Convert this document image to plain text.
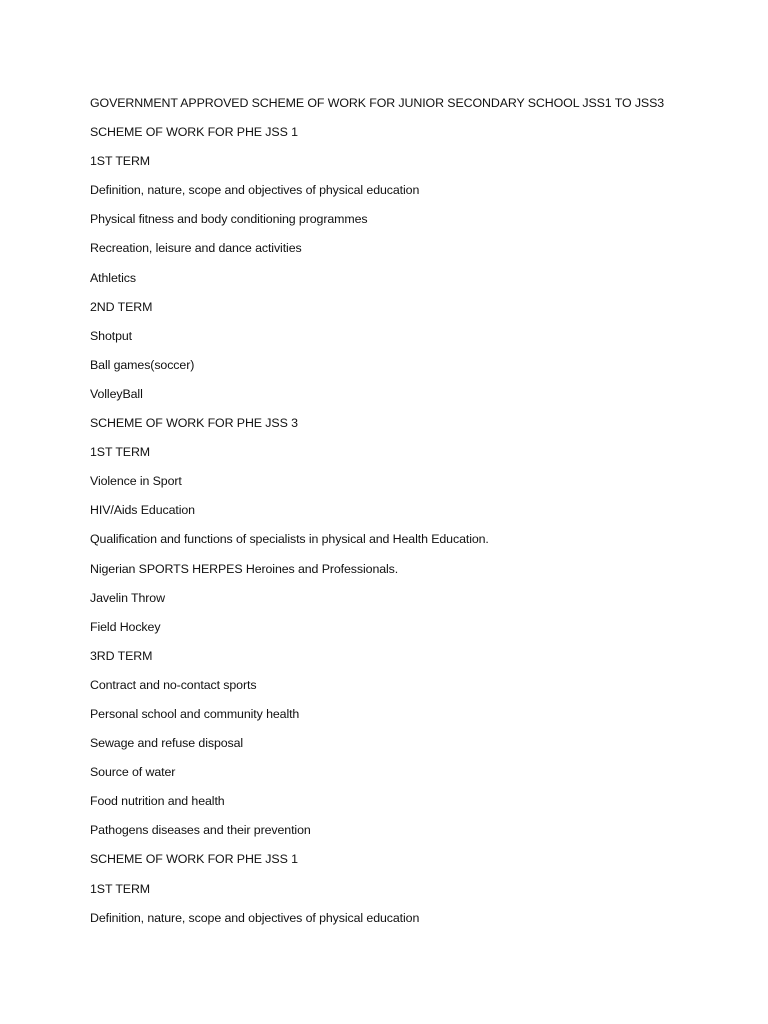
GOVERNMENT APPROVED SCHEME OF WORK FOR JUNIOR SECONDARY SCHOOL JSS1 TO JSS3
SCHEME OF WORK FOR PHE JSS 1
1ST TERM
Definition, nature, scope and objectives of physical education
Physical fitness and body conditioning programmes
Recreation, leisure and dance activities
Athletics
2ND TERM
Shotput
Ball games(soccer)
VolleyBall
SCHEME OF WORK FOR PHE JSS 3
1ST TERM
Violence in Sport
HIV/Aids Education
Qualification and functions of specialists in physical and Health Education.
Nigerian SPORTS HERPES Heroines and Professionals.
Javelin Throw
Field Hockey
3RD TERM
Contract and no-contact sports
Personal school and community health
Sewage and refuse disposal
Source of water
Food nutrition and health
Pathogens diseases and their prevention
SCHEME OF WORK FOR PHE JSS 1
1ST TERM
Definition, nature, scope and objectives of physical education
